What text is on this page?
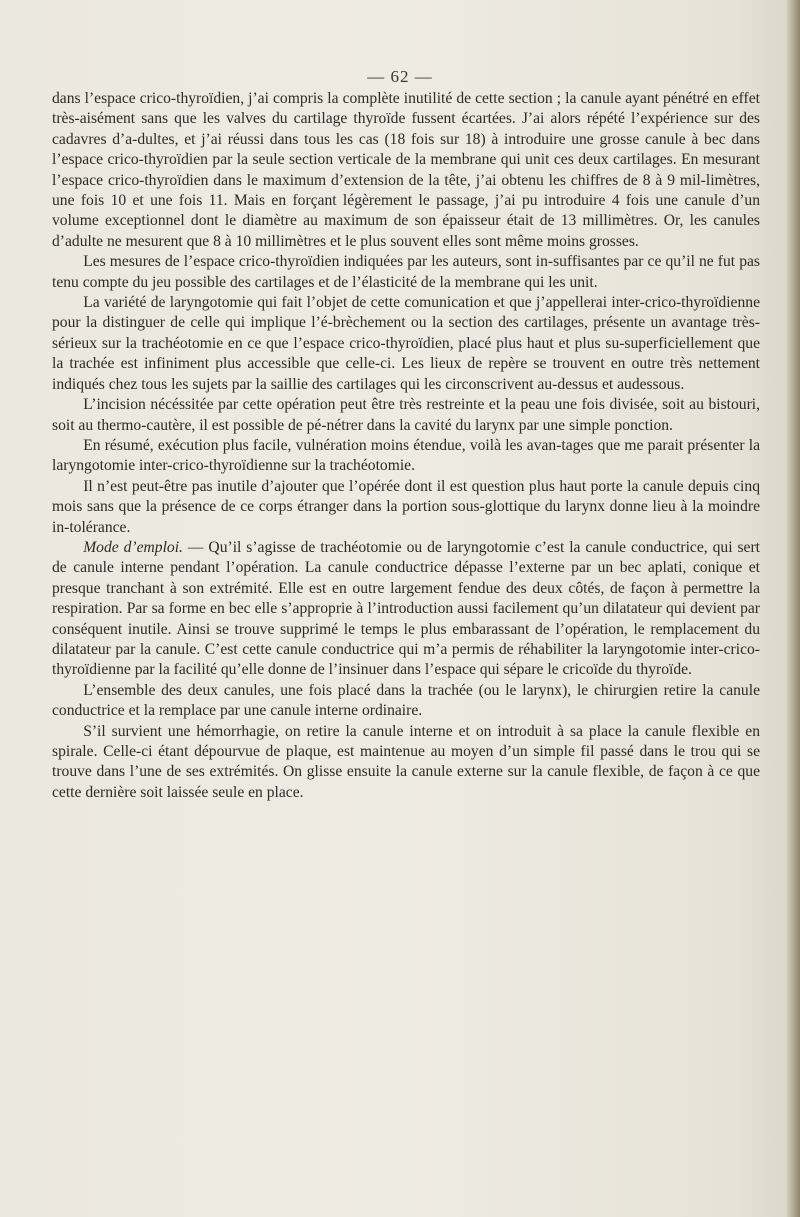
— 62 —

dans l’espace crico-thyroïdien, j’ai compris la complète inutilité de cette section ; la canule ayant pénétré en effet très-aisément sans que les valves du cartilage thyroïde fussent écartées. J’ai alors répété l’expérience sur des cadavres d’a-dultes, et j’ai réussi dans tous les cas (18 fois sur 18) à introduire une grosse canule à bec dans l’espace crico-thyroïdien par la seule section verticale de la membrane qui unit ces deux cartilages. En mesurant l’espace crico-thyroïdien dans le maximum d’extension de la tête, j’ai obtenu les chiffres de 8 à 9 mil-limètres, une fois 10 et une fois 11. Mais en forçant légèrement le passage, j’ai pu introduire 4 fois une canule d’un volume exceptionnel dont le diamètre au maximum de son épaisseur était de 13 millimètres. Or, les canules d’adulte ne mesurent que 8 à 10 millimètres et le plus souvent elles sont même moins grosses.

Les mesures de l’espace crico-thyroïdien indiquées par les auteurs, sont in-suffisantes par ce qu’il ne fut pas tenu compte du jeu possible des cartilages et de l’élasticité de la membrane qui les unit.

La variété de laryngotomie qui fait l’objet de cette comunication et que j’appellerai inter-crico-thyroïdienne pour la distinguer de celle qui implique l’é-brèchement ou la section des cartilages, présente un avantage très-sérieux sur la trachéotomie en ce que l’espace crico-thyroïdien, placé plus haut et plus su-superficiellement que la trachée est infiniment plus accessible que celle-ci. Les lieux de repère se trouvent en outre très nettement indiqués chez tous les sujets par la saillie des cartilages qui les circonscrivent au-dessus et audessous.

L’incision nécéssitée par cette opération peut être très restreinte et la peau une fois divisée, soit au bistouri, soit au thermo-cautère, il est possible de pé-nétrer dans la cavité du larynx par une simple ponction.

En résumé, exécution plus facile, vulnération moins étendue, voilà les avan-tages que me parait présenter la laryngotomie inter-crico-thyroïdienne sur la trachéotomie.

Il n’est peut-être pas inutile d’ajouter que l’opérée dont il est question plus haut porte la canule depuis cinq mois sans que la présence de ce corps étranger dans la portion sous-glottique du larynx donne lieu à la moindre in-tolérance.

Mode d’emploi. — Qu’il s’agisse de trachéotomie ou de laryngotomie c’est la canule conductrice, qui sert de canule interne pendant l’opération. La canule conductrice dépasse l’externe par un bec aplati, conique et presque tranchant à son extrémité. Elle est en outre largement fendue des deux côtés, de façon à permettre la respiration. Par sa forme en bec elle s’approprie à l’introduction aussi facilement qu’un dilatateur qui devient par conséquent inutile. Ainsi se trouve supprimé le temps le plus embarassant de l’opération, le remplacement du dilatateur par la canule. C’est cette canule conductrice qui m’a permis de réhabiliter la laryngotomie inter-crico-thyroïdienne par la facilité qu’elle donne de l’insinuer dans l’espace qui sépare le cricoïde du thyroïde.

L’ensemble des deux canules, une fois placé dans la trachée (ou le larynx), le chirurgien retire la canule conductrice et la remplace par une canule interne ordinaire.

S’il survient une hémorrhagie, on retire la canule interne et on introduit à sa place la canule flexible en spirale. Celle-ci étant dépourvue de plaque, est maintenue au moyen d’un simple fil passé dans le trou qui se trouve dans l’une de ses extrémités. On glisse ensuite la canule externe sur la canule flexible, de façon à ce que cette dernière soit laissée seule en place.
